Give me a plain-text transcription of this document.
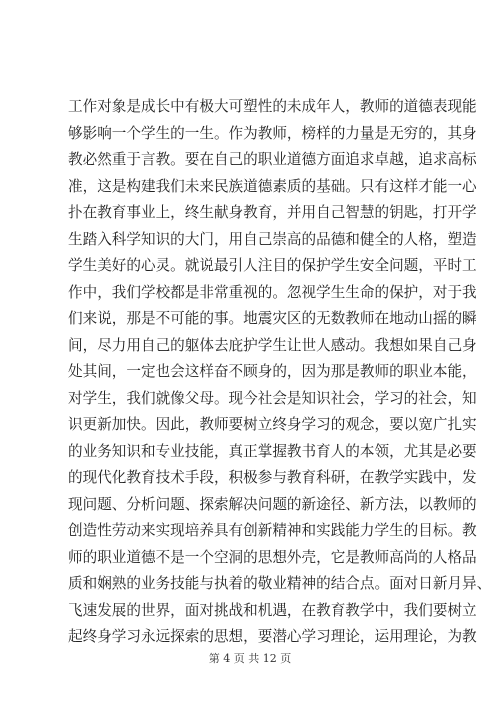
工作对象是成长中有极大可塑性的未成年人，教师的道德表现能
够影响一个学生的一生。作为教师，榜样的力量是无穷的，其身
教必然重于言教。要在自己的职业道德方面追求卓越，追求高标
准，这是构建我们未来民族道德素质的基础。只有这样才能一心
扑在教育事业上，终生献身教育，并用自己智慧的钥匙，打开学
生踏入科学知识的大门，用自己崇高的品德和健全的人格，塑造
学生美好的心灵。就说最引人注目的保护学生安全问题，平时工
作中，我们学校都是非常重视的。忽视学生生命的保护，对于我
们来说，那是不可能的事。地震灾区的无数教师在地动山摇的瞬
间，尽力用自己的躯体去庇护学生让世人感动。我想如果自己身
处其间，一定也会这样奋不顾身的，因为那是教师的职业本能，
对学生，我们就像父母。现今社会是知识社会，学习的社会，知
识更新加快。因此，教师要树立终身学习的观念，要以宽广扎实
的业务知识和专业技能，真正掌握教书育人的本领，尤其是必要
的现代化教育技术手段，积极参与教育科研，在教学实践中，发
现问题、分析问题、探索解决问题的新途径、新方法，以教师的
创造性劳动来实现培养具有创新精神和实践能力学生的目标。教
师的职业道德不是一个空洞的思想外壳，它是教师高尚的人格品
质和娴熟的业务技能与执着的敬业精神的结合点。面对日新月异、
飞速发展的世界，面对挑战和机遇，在教育教学中，我们要树立
起终身学习永远探索的思想，要潜心学习理论，运用理论，为教
第 4 页 共 12 页
